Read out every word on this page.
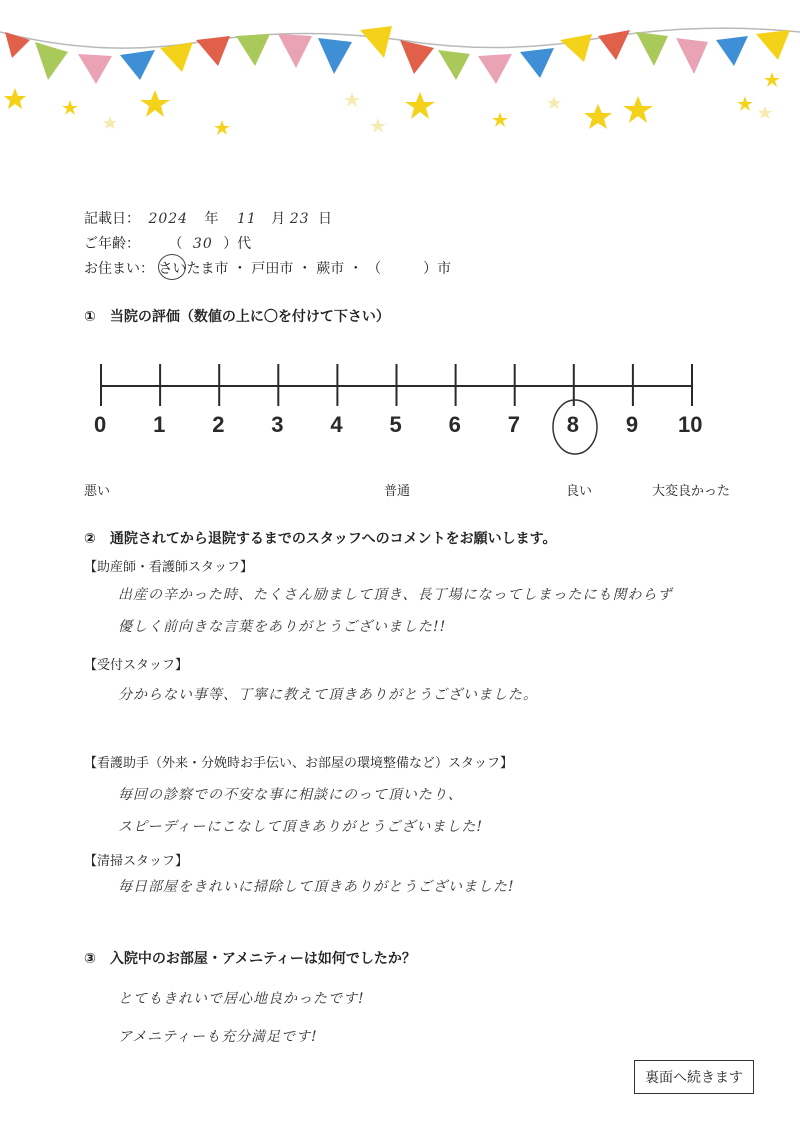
記載日： 2024 年 11 月 23 日
ご年齢： （ 30 ）代
お住まい： さいたま市 ・ 戸田市 ・ 蕨市 ・ （　　　）市
①　当院の評価（数値の上に〇を付けて下さい）
0 1 2 3 4 5 6 7 8 9 10
悪い	普通	良い	大変良かった
②　通院されてから退院するまでのスタッフへのコメントをお願いします。
【助産師・看護師スタッフ】
出産の辛かった時、たくさん励まして頂き、長丁場になってしまったにも関わらず
優しく前向きな言葉をありがとうございました!!
【受付スタッフ】
分からない事等、丁寧に教えて頂きありがとうございました。
【看護助手（外来・分娩時お手伝い、お部屋の環境整備など）スタッフ】
毎回の診察での不安な事に相談にのって頂いたり、
スピーディーにこなして頂きありがとうございました!
【清掃スタッフ】
毎日部屋をきれいに掃除して頂きありがとうございました!
③　入院中のお部屋・アメニティーは如何でしたか？
とてもきれいで居心地良かったです!
アメニティーも充分満足です!
裏面へ続きます
